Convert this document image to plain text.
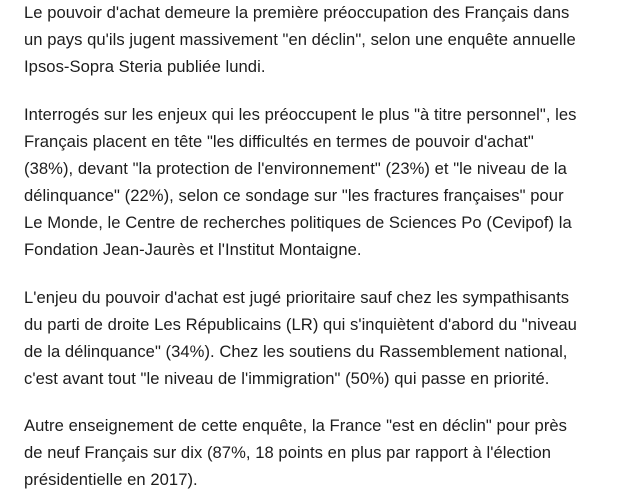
Le pouvoir d'achat demeure la première préoccupation des Français dans
un pays qu'ils jugent massivement "en déclin", selon une enquête annuelle
Ipsos-Sopra Steria publiée lundi.

Interrogés sur les enjeux qui les préoccupent le plus "à titre personnel", les
Français placent en tête "les difficultés en termes de pouvoir d'achat"
(38%), devant "la protection de l'environnement" (23%) et "le niveau de la
délinquance" (22%), selon ce sondage sur "les fractures françaises" pour
Le Monde, le Centre de recherches politiques de Sciences Po (Cevipof) la
Fondation Jean-Jaurès et l'Institut Montaigne.

L'enjeu du pouvoir d'achat est jugé prioritaire sauf chez les sympathisants
du parti de droite Les Républicains (LR) qui s'inquiètent d'abord du "niveau
de la délinquance" (34%). Chez les soutiens du Rassemblement national,
c'est avant tout "le niveau de l'immigration" (50%) qui passe en priorité.

Autre enseignement de cette enquête, la France "est en déclin" pour près
de neuf Français sur dix (87%, 18 points en plus par rapport à l'élection
présidentielle en 2017).
